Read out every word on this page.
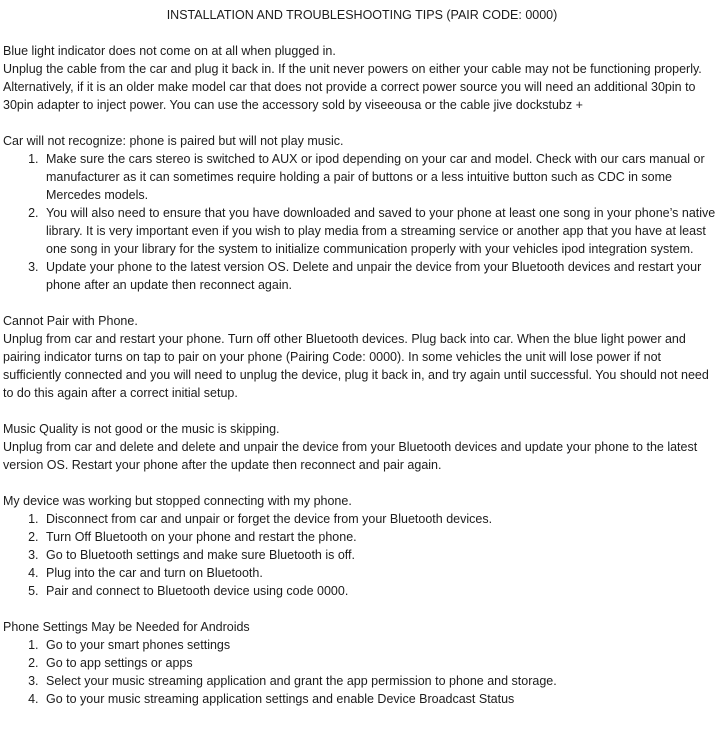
INSTALLATION AND TROUBLESHOOTING TIPS (PAIR CODE: 0000)

Blue light indicator does not come on at all when plugged in.

Unplug the cable from the car and plug it back in. If the unit never powers on either your cable may not be functioning properly. Alternatively, if it is an older make model car that does not provide a correct power source you will need an additional 30pin to 30pin adapter to inject power. You can use the accessory sold by viseeousa or the cable jive dockstubz +

Car will not recognize: phone is paired but will not play music.

1. Make sure the cars stereo is switched to AUX or ipod depending on your car and model. Check with our cars manual or manufacturer as it can sometimes require holding a pair of buttons or a less intuitive button such as CDC in some Mercedes models.
2. You will also need to ensure that you have downloaded and saved to your phone at least one song in your phone’s native library. It is very important even if you wish to play media from a streaming service or another app that you have at least one song in your library for the system to initialize communication properly with your vehicles ipod integration system.
3. Update your phone to the latest version OS. Delete and unpair the device from your Bluetooth devices and restart your phone after an update then reconnect again.

Cannot Pair with Phone.

Unplug from car and restart your phone. Turn off other Bluetooth devices. Plug back into car. When the blue light power and pairing indicator turns on tap to pair on your phone (Pairing Code: 0000). In some vehicles the unit will lose power if not sufficiently connected and you will need to unplug the device, plug it back in, and try again until successful. You should not need to do this again after a correct initial setup.

Music Quality is not good or the music is skipping.

Unplug from car and delete and delete and unpair the device from your Bluetooth devices and update your phone to the latest version OS. Restart your phone after the update then reconnect and pair again.

My device was working but stopped connecting with my phone.

1. Disconnect from car and unpair or forget the device from your Bluetooth devices.
2. Turn Off Bluetooth on your phone and restart the phone.
3. Go to Bluetooth settings and make sure Bluetooth is off.
4. Plug into the car and turn on Bluetooth.
5. Pair and connect to Bluetooth device using code 0000.

Phone Settings May be Needed for Androids

1. Go to your smart phones settings
2. Go to app settings or apps
3. Select your music streaming application and grant the app permission to phone and storage.
4. Go to your music streaming application settings and enable Device Broadcast Status
